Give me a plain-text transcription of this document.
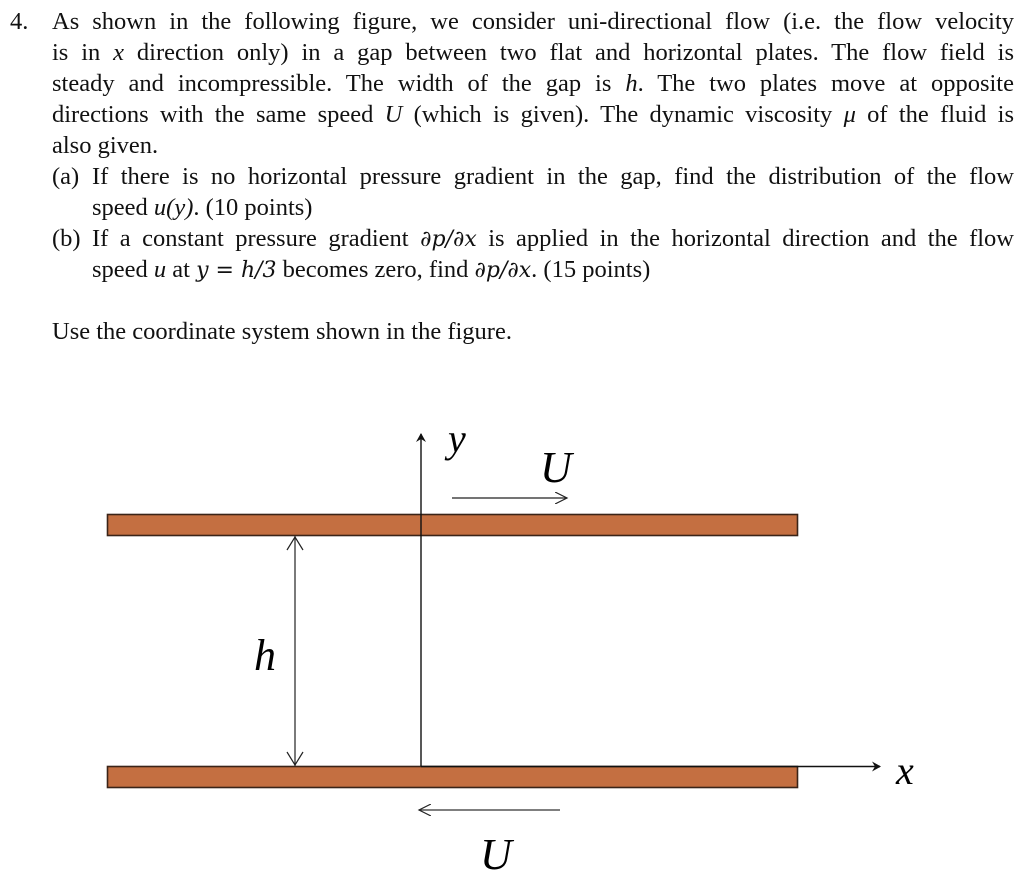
4. As shown in the following figure, we consider uni-directional flow (i.e. the flow velocity
is in x direction only) in a gap between two flat and horizontal plates. The flow field is
steady and incompressible. The width of the gap is h. The two plates move at opposite
directions with the same speed U (which is given). The dynamic viscosity μ of the fluid is
also given.
(a) If there is no horizontal pressure gradient in the gap, find the distribution of the flow
speed u(y). (10 points)
(b) If a constant pressure gradient ∂p/∂x is applied in the horizontal direction and the flow
speed u at y = h/3 becomes zero, find ∂p/∂x. (15 points)
Use the coordinate system shown in the figure.
y
x
U
U
h
